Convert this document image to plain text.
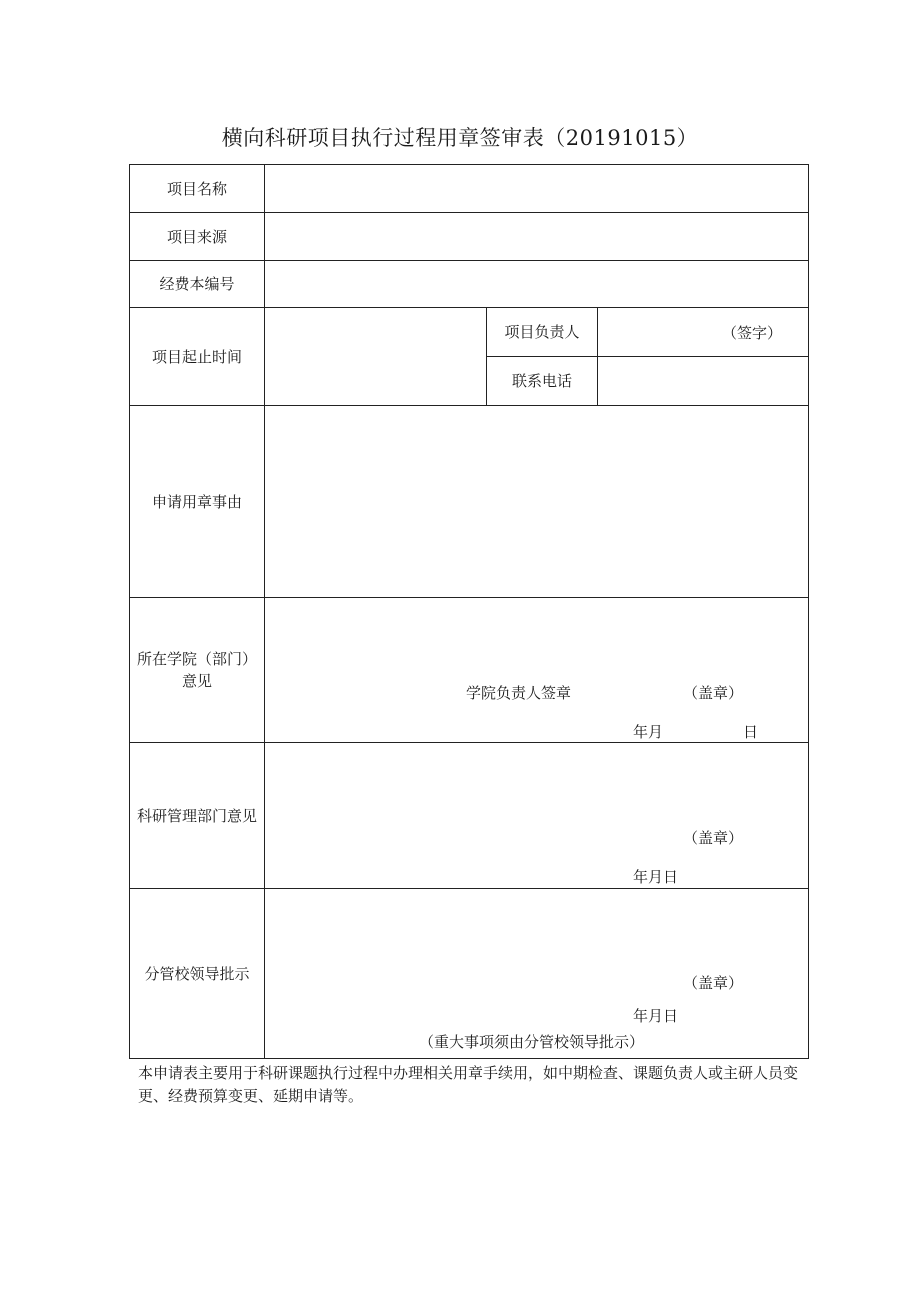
横向科研项目执行过程用章签审表（20191015）
项目名称			
项目来源			
经费本编号			
项目起止时间		项目负责人	（签字）

		联系电话	
申请用章事由			
所在学院（部门）意见	学院负责人签章 （盖章）
年月 日		

科研管理部门意见	（盖章）
年月日		

分管校领导批示	（盖章）
年月日
（重大事项须由分管校领导批示）		
本申请表主要用于科研课题执行过程中办理相关用章手续用，如中期检查、课题负责人或主研人员变更、经费预算变更、延期申请等。
